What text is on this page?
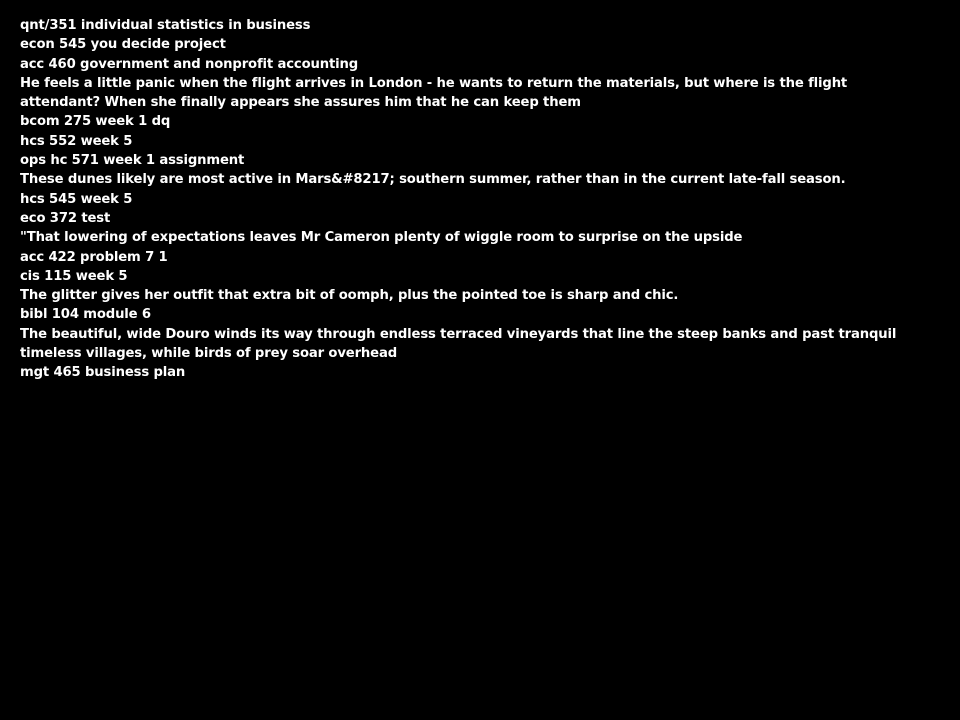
qnt/351 individual statistics in business

econ 545 you decide project

acc 460 government and nonprofit accounting

He feels a little panic when the flight arrives in London - he wants to return the materials, but where is the flight attendant? When she finally appears she assures him that he can keep them

bcom 275 week 1 dq

hcs 552 week 5

ops hc 571 week 1 assignment

These dunes likely are most active in Mars&#8217; southern summer, rather than in the current late-fall season.

hcs 545 week 5

eco 372 test

"That lowering of expectations leaves Mr Cameron plenty of wiggle room to surprise on the upside

acc 422 problem 7 1

cis 115 week 5

The glitter gives her outfit that extra bit of oomph, plus the pointed toe is sharp and chic.

bibl 104 module 6

The beautiful, wide Douro winds its way through endless terraced vineyards that line the steep banks and past tranquil timeless villages, while birds of prey soar overhead

mgt 465 business plan
